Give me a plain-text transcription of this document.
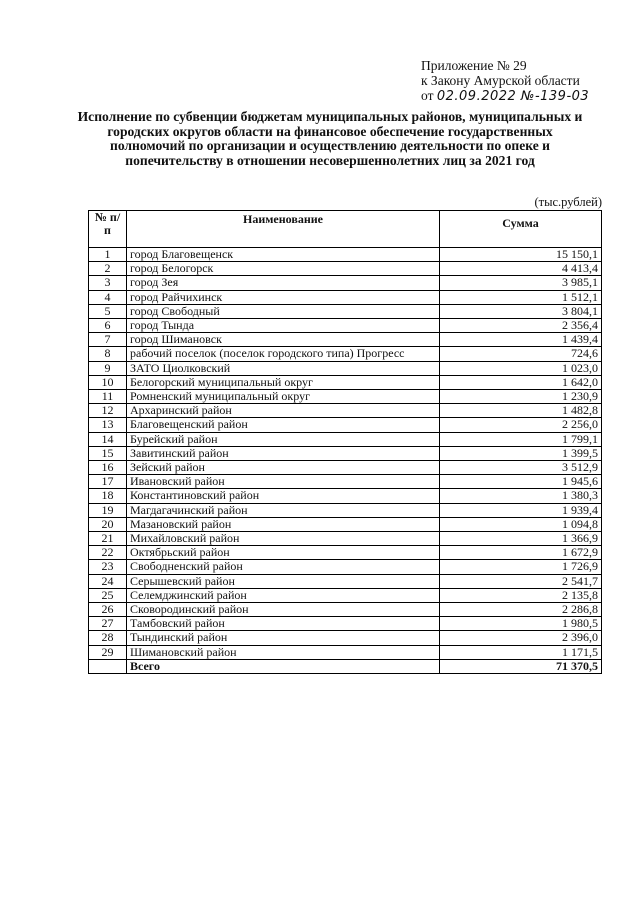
Приложение № 29
к Закону Амурской области
от 02.09.2022 №-139-03
Исполнение по субвенции бюджетам муниципальных районов, муниципальных и городских округов области на финансовое обеспечение государственных полномочий по организации и осуществлению деятельности по опеке и попечительству в отношении несовершеннолетних лиц за 2021 год
(тыс.рублей)
№ п/п	Наименование	Сумма
1	город Благовещенск	15 150,1
2	город Белогорск	4 413,4
3	город Зея	3 985,1
4	город Райчихинск	1 512,1
5	город Свободный	3 804,1
6	город Тында	2 356,4
7	город Шимановск	1 439,4
8	рабочий поселок (поселок городского типа) Прогресс	724,6
9	ЗАТО Циолковский	1 023,0
10	Белогорский муниципальный округ	1 642,0
11	Ромненский муниципальный округ	1 230,9
12	Архаринский район	1 482,8
13	Благовещенский район	2 256,0
14	Бурейский район	1 799,1
15	Завитинский район	1 399,5
16	Зейский район	3 512,9
17	Ивановский район	1 945,6
18	Константиновский район	1 380,3
19	Магдагачинский район	1 939,4
20	Мазановский район	1 094,8
21	Михайловский район	1 366,9
22	Октябрьский район	1 672,9
23	Свободненский район	1 726,9
24	Серышевский район	2 541,7
25	Селемджинский район	2 135,8
26	Сковородинский район	2 286,8
27	Тамбовский район	1 980,5
28	Тындинский район	2 396,0
29	Шимановский район	1 171,5
	Всего	71 370,5
